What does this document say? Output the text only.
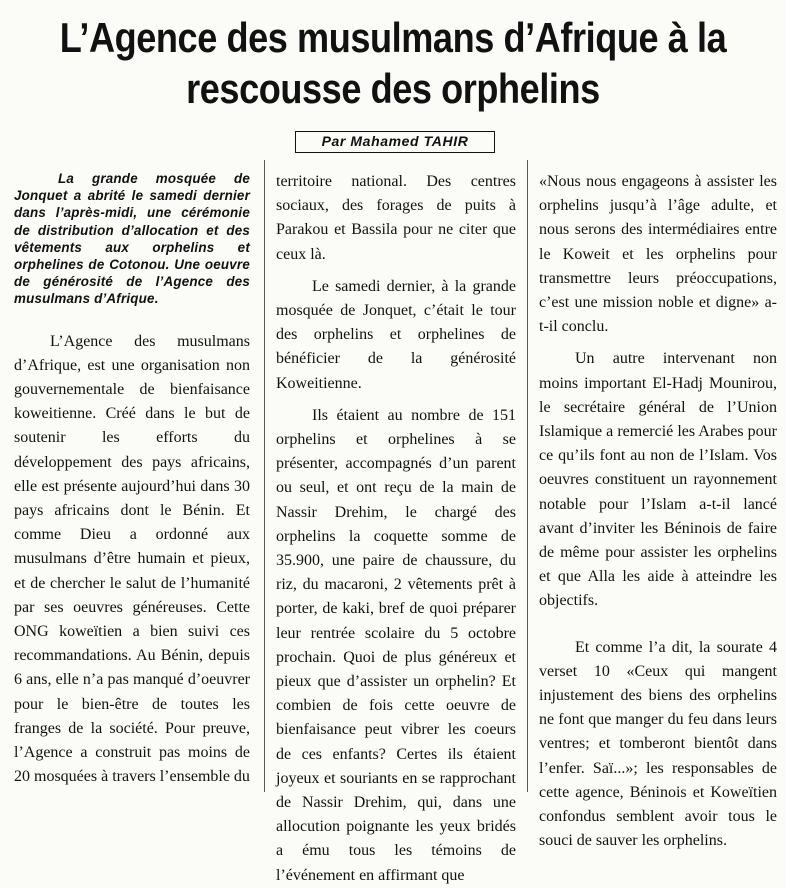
L’Agence des musulmans d’Afrique à la rescousse des orphelins
Par Mahamed TAHIR

La grande mosquée de Jonquet a abrité le samedi dernier dans l’après-midi, une cérémonie de distribution d’allocation et des vêtements aux orphelins et orphelines de Cotonou. Une oeuvre de générosité de l’Agence des musulmans d’Afrique.

L’Agence des musulmans d’Afrique, est une organisation non gouvernementale de bienfaisance koweitienne. Créé dans le but de soutenir les efforts du développement des pays africains, elle est présente aujourd’hui dans 30 pays africains dont le Bénin. Et comme Dieu a ordonné aux musulmans d’être humain et pieux, et de chercher le salut de l’humanité par ses oeuvres généreuses. Cette ONG koweïtien a bien suivi ces recommandations. Au Bénin, depuis 6 ans, elle n’a pas manqué d’oeuvrer pour le bien-être de toutes les franges de la société. Pour preuve, l’Agence a construit pas moins de 20 mosquées à travers l’ensemble du

territoire national. Des centres sociaux, des forages de puits à Parakou et Bassila pour ne citer que ceux là.

Le samedi dernier, à la grande mosquée de Jonquet, c’était le tour des orphelins et orphelines de bénéficier de la générosité Koweitienne.

Ils étaient au nombre de 151 orphelins et orphelines à se présenter, accompagnés d’un parent ou seul, et ont reçu de la main de Nassir Drehim, le chargé des orphelins la coquette somme de 35.900, une paire de chaussure, du riz, du macaroni, 2 vêtements prêt à porter, de kaki, bref de quoi préparer leur rentrée scolaire du 5 octobre prochain. Quoi de plus généreux et pieux que d’assister un orphelin? Et combien de fois cette oeuvre de bienfaisance peut vibrer les coeurs de ces enfants? Certes ils étaient joyeux et souriants en se rapprochant de Nassir Drehim, qui, dans une allocution poignante les yeux bridés a ému tous les témoins de l’événement en affirmant que

«Nous nous engageons à assister les orphelins jusqu’à l’âge adulte, et nous serons des intermédiaires entre le Koweit et les orphelins pour transmettre leurs préoccupations, c’est une mission noble et digne» a-t-il conclu.

Un autre intervenant non moins important El-Hadj Mounirou, le secrétaire général de l’Union Islamique a remercié les Arabes pour ce qu’ils font au non de l’Islam. Vos oeuvres constituent un rayonnement notable pour l’Islam a-t-il lancé avant d’inviter les Béninois de faire de même pour assister les orphelins et que Alla les aide à atteindre les objectifs.

Et comme l’a dit, la sourate 4 verset 10 «Ceux qui mangent injustement des biens des orphelins ne font que manger du feu dans leurs ventres; et tomberont bientôt dans l’enfer. Saï...»; les responsables de cette agence, Béninois et Koweïtien confondus semblent avoir tous le souci de sauver les orphelins.
